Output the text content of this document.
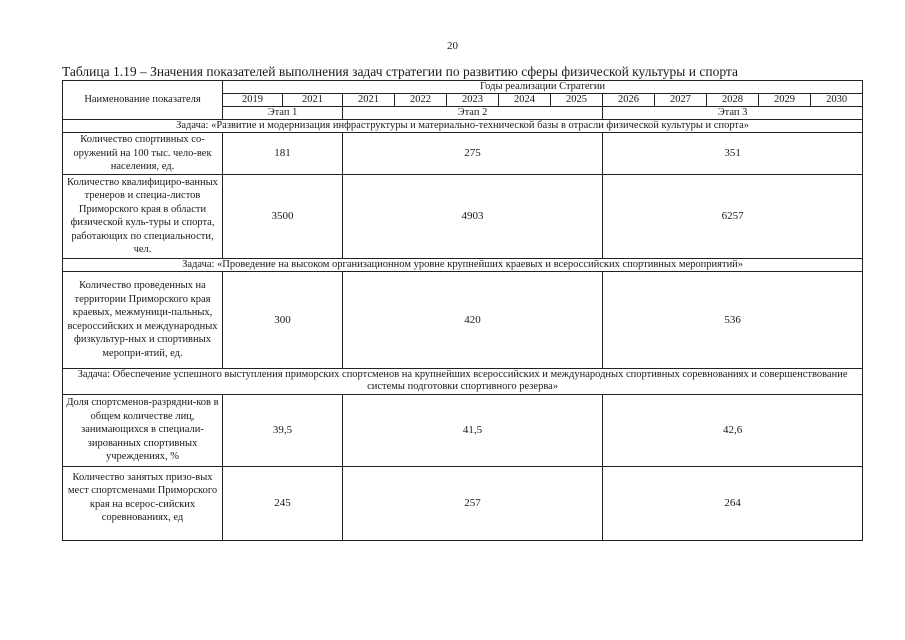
20
Таблица 1.19 – Значения показателей выполнения задач стратегии по развитию сферы физической культуры и спорта
Наименование показателя	Годы реализации Стратегии											
	2019	2021	2021	2022	2023	2024	2025	2026	2027	2028	2029	2030
	Этап 1		Этап 2					Этап 3				
Задача: «Развитие и модернизация инфраструктуры и материально-технической базы в отрасли физической культуры и спорта»												
Количество спортивных со-оружений на 100 тыс. чело-век населения, ед.	181		275					351				
Количество квалифициро-ванных тренеров и специа-листов Приморского края в области физической куль-туры и спорта, работающих по специальности, чел.	3500		4903					6257				
Задача: «Проведение на высоком организационном уровне крупнейших краевых и всероссийских спортивных мероприятий»												
Количество проведенных на территории Приморского края краевых, межмуници-пальных, всероссийских и международных физкультур-ных и спортивных меропри-ятий, ед.	300		420					536				
Задача: Обеспечение успешного выступления приморских спортсменов на крупнейших всероссийских и международных спортивных соревнованиях и совершенствование системы подготовки спортивного резерва»												
Доля спортсменов-разрядни-ков в общем количестве лиц, занимающихся в специали-зированных спортивных учреждениях, %	39,5		41,5					42,6				
Количество занятых призо-вых мест спортсменами Приморского края на всерос-сийских соревнованиях, ед	245		257					264				
